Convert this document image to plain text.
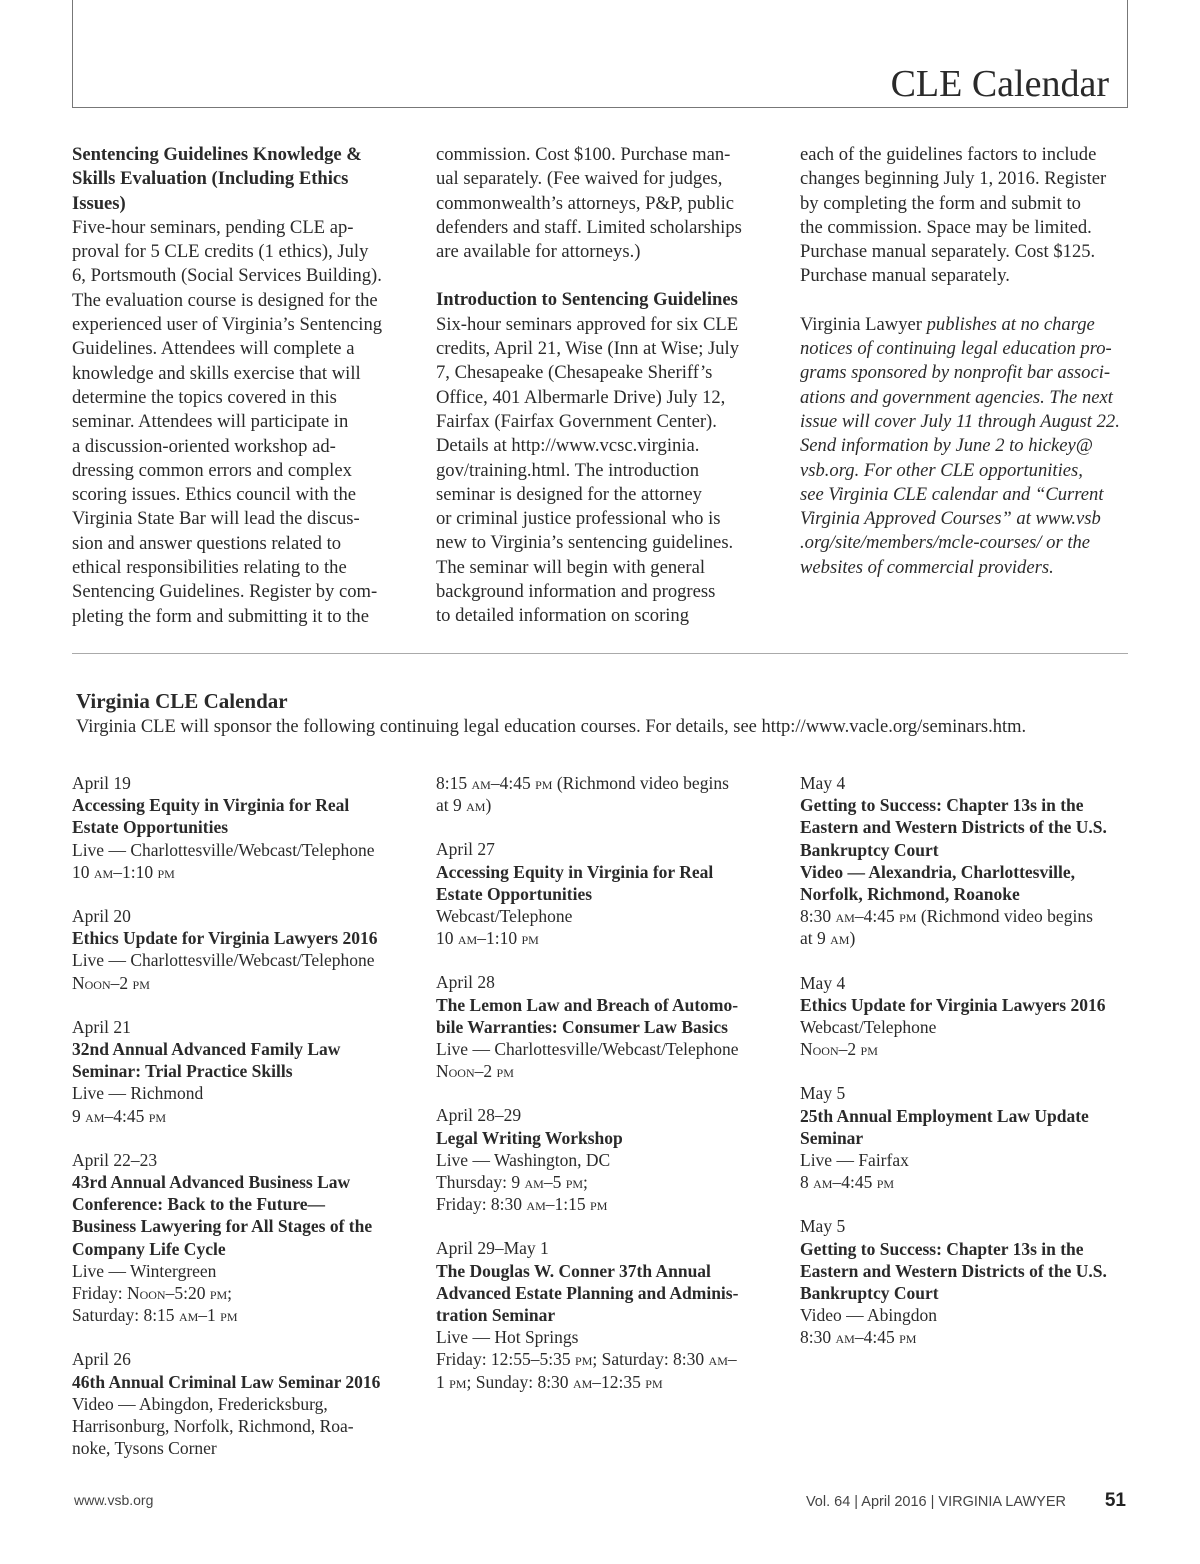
CLE Calendar

Sentencing Guidelines Knowledge &

Skills Evaluation (Including Ethics

Issues)

Five-hour seminars, pending CLE ap-

proval for 5 CLE credits (1 ethics), July

6, Portsmouth (Social Services Building).

The evaluation course is designed for the

experienced user of Virginia’s Sentencing

Guidelines. Attendees will complete a

knowledge and skills exercise that will

determine the topics covered in this

seminar. Attendees will participate in

a discussion-oriented workshop ad-

dressing common errors and complex

scoring issues. Ethics council with the

Virginia State Bar will lead the discus-

sion and answer questions related to

ethical responsibilities relating to the

Sentencing Guidelines. Register by com-

pleting the form and submitting it to the

commission. Cost $100. Purchase man-

ual separately. (Fee waived for judges,

commonwealth’s attorneys, P&P, public

defenders and staff. Limited scholarships

are available for attorneys.)

Introduction to Sentencing Guidelines

Six-hour seminars approved for six CLE

credits, April 21, Wise (Inn at Wise; July

7, Chesapeake (Chesapeake Sheriff’s

Office, 401 Albermarle Drive) July 12,

Fairfax (Fairfax Government Center).

Details at http://www.vcsc.virginia.

gov/training.html. The introduction

seminar is designed for the attorney

or criminal justice professional who is

new to Virginia’s sentencing guidelines.

The seminar will begin with general

background information and progress

to detailed information on scoring

each of the guidelines factors to include

changes beginning July 1, 2016. Register

by completing the form and submit to

the commission. Space may be limited.

Purchase manual separately. Cost $125.

Purchase manual separately.

Virginia Lawyer publishes at no charge

notices of continuing legal education pro-

grams sponsored by nonprofit bar associ-

ations and government agencies. The next

issue will cover July 11 through August 22.

Send information by June 2 to hickey@

vsb.org. For other CLE opportunities,

see Virginia CLE calendar and “Current

Virginia Approved Courses” at www.vsb

.org/site/members/mcle-courses/ or the

websites of commercial providers.

Virginia CLE Calendar

Virginia CLE will sponsor the following continuing legal education courses. For details, see http://www.vacle.org/seminars.htm.

April 19
Accessing Equity in Virginia for Real
Estate Opportunities
Live — Charlottesville/Webcast/Telephone
10 am–1:10 pm
April 20
Ethics Update for Virginia Lawyers 2016
Live — Charlottesville/Webcast/Telephone
Noon–2 pm
April 21
32nd Annual Advanced Family Law
Seminar: Trial Practice Skills
Live — Richmond
9 am–4:45 pm
April 22–23
43rd Annual Advanced Business Law
Conference: Back to the Future—
Business Lawyering for All Stages of the
Company Life Cycle
Live — Wintergreen
Friday: Noon–5:20 pm;
Saturday: 8:15 am–1 pm
April 26
46th Annual Criminal Law Seminar 2016
Video — Abingdon, Fredericksburg,
Harrisonburg, Norfolk, Richmond, Roa-
noke, Tysons Corner
8:15 am–4:45 pm (Richmond video begins
at 9 am)
April 27
Accessing Equity in Virginia for Real
Estate Opportunities
Webcast/Telephone
10 am–1:10 pm
April 28
The Lemon Law and Breach of Automo-
bile Warranties: Consumer Law Basics
Live — Charlottesville/Webcast/Telephone
Noon–2 pm
April 28–29
Legal Writing Workshop
Live — Washington, DC
Thursday: 9 am–5 pm;
Friday: 8:30 am–1:15 pm
April 29–May 1
The Douglas W. Conner 37th Annual
Advanced Estate Planning and Adminis-
tration Seminar
Live — Hot Springs
Friday: 12:55–5:35 pm; Saturday: 8:30 am–
1 pm; Sunday: 8:30 am–12:35 pm
May 4
Getting to Success: Chapter 13s in the
Eastern and Western Districts of the U.S.
Bankruptcy Court
Video — Alexandria, Charlottesville,
Norfolk, Richmond, Roanoke
8:30 am–4:45 pm (Richmond video begins
at 9 am)
May 4
Ethics Update for Virginia Lawyers 2016
Webcast/Telephone
Noon–2 pm
May 5
25th Annual Employment Law Update
Seminar
Live — Fairfax
8 am–4:45 pm
May 5
Getting to Success: Chapter 13s in the
Eastern and Western Districts of the U.S.
Bankruptcy Court
Video — Abingdon
8:30 am–4:45 pm
www.vsb.org	Vol. 64 | April 2016 | VIRGINIA LAWYER 51
